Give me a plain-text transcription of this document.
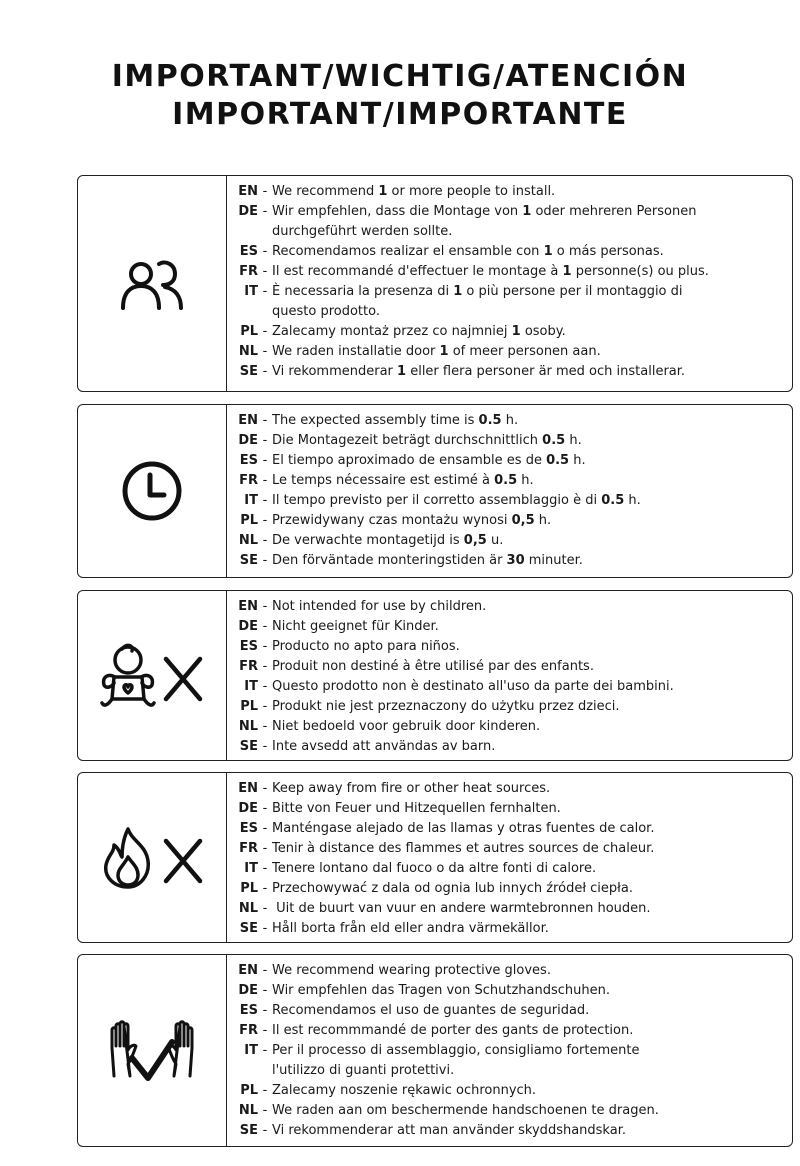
IMPORTANT/WICHTIG/ATENCIÓN
IMPORTANT/IMPORTANTE
EN - We recommend 1 or more people to install.
DE - Wir empfehlen, dass die Montage von 1 oder mehreren Personen
durchgeführt werden sollte.
ES - Recomendamos realizar el ensamble con 1 o más personas.
FR - Il est recommandé d'effectuer le montage à 1 personne(s) ou plus.
IT - È necessaria la presenza di 1 o più persone per il montaggio di
questo prodotto.
PL - Zalecamy montaż przez co najmniej 1 osoby.
NL - We raden installatie door 1 of meer personen aan.
SE - Vi rekommenderar 1 eller flera personer är med och installerar.
EN - The expected assembly time is 0.5 h.
DE - Die Montagezeit beträgt durchschnittlich 0.5 h.
ES - El tiempo aproximado de ensamble es de 0.5 h.
FR - Le temps nécessaire est estimé à 0.5 h.
IT - Il tempo previsto per il corretto assemblaggio è di 0.5 h.
PL - Przewidywany czas montażu wynosi 0,5 h.
NL - De verwachte montagetijd is 0,5 u.
SE - Den förväntade monteringstiden är 30 minuter.
EN - Not intended for use by children.
DE - Nicht geeignet für Kinder.
ES - Producto no apto para niños.
FR - Produit non destiné à être utilisé par des enfants.
IT - Questo prodotto non è destinato all'uso da parte dei bambini.
PL - Produkt nie jest przeznaczony do użytku przez dzieci.
NL - Niet bedoeld voor gebruik door kinderen.
SE - Inte avsedd att användas av barn.
EN - Keep away from fire or other heat sources.
DE - Bitte von Feuer und Hitzequellen fernhalten.
ES - Manténgase alejado de las llamas y otras fuentes de calor.
FR - Tenir à distance des flammes et autres sources de chaleur.
IT - Tenere lontano dal fuoco o da altre fonti di calore.
PL - Przechowywać z dala od ognia lub innych źródeł ciepła.
NL - Uit de buurt van vuur en andere warmtebronnen houden.
SE - Håll borta från eld eller andra värmekällor.
EN - We recommend wearing protective gloves.
DE - Wir empfehlen das Tragen von Schutzhandschuhen.
ES - Recomendamos el uso de guantes de seguridad.
FR - Il est recommmandé de porter des gants de protection.
IT - Per il processo di assemblaggio, consigliamo fortemente
l'utilizzo di guanti protettivi.
PL - Zalecamy noszenie rękawic ochronnych.
NL - We raden aan om beschermende handschoenen te dragen.
SE - Vi rekommenderar att man använder skyddshandskar.
